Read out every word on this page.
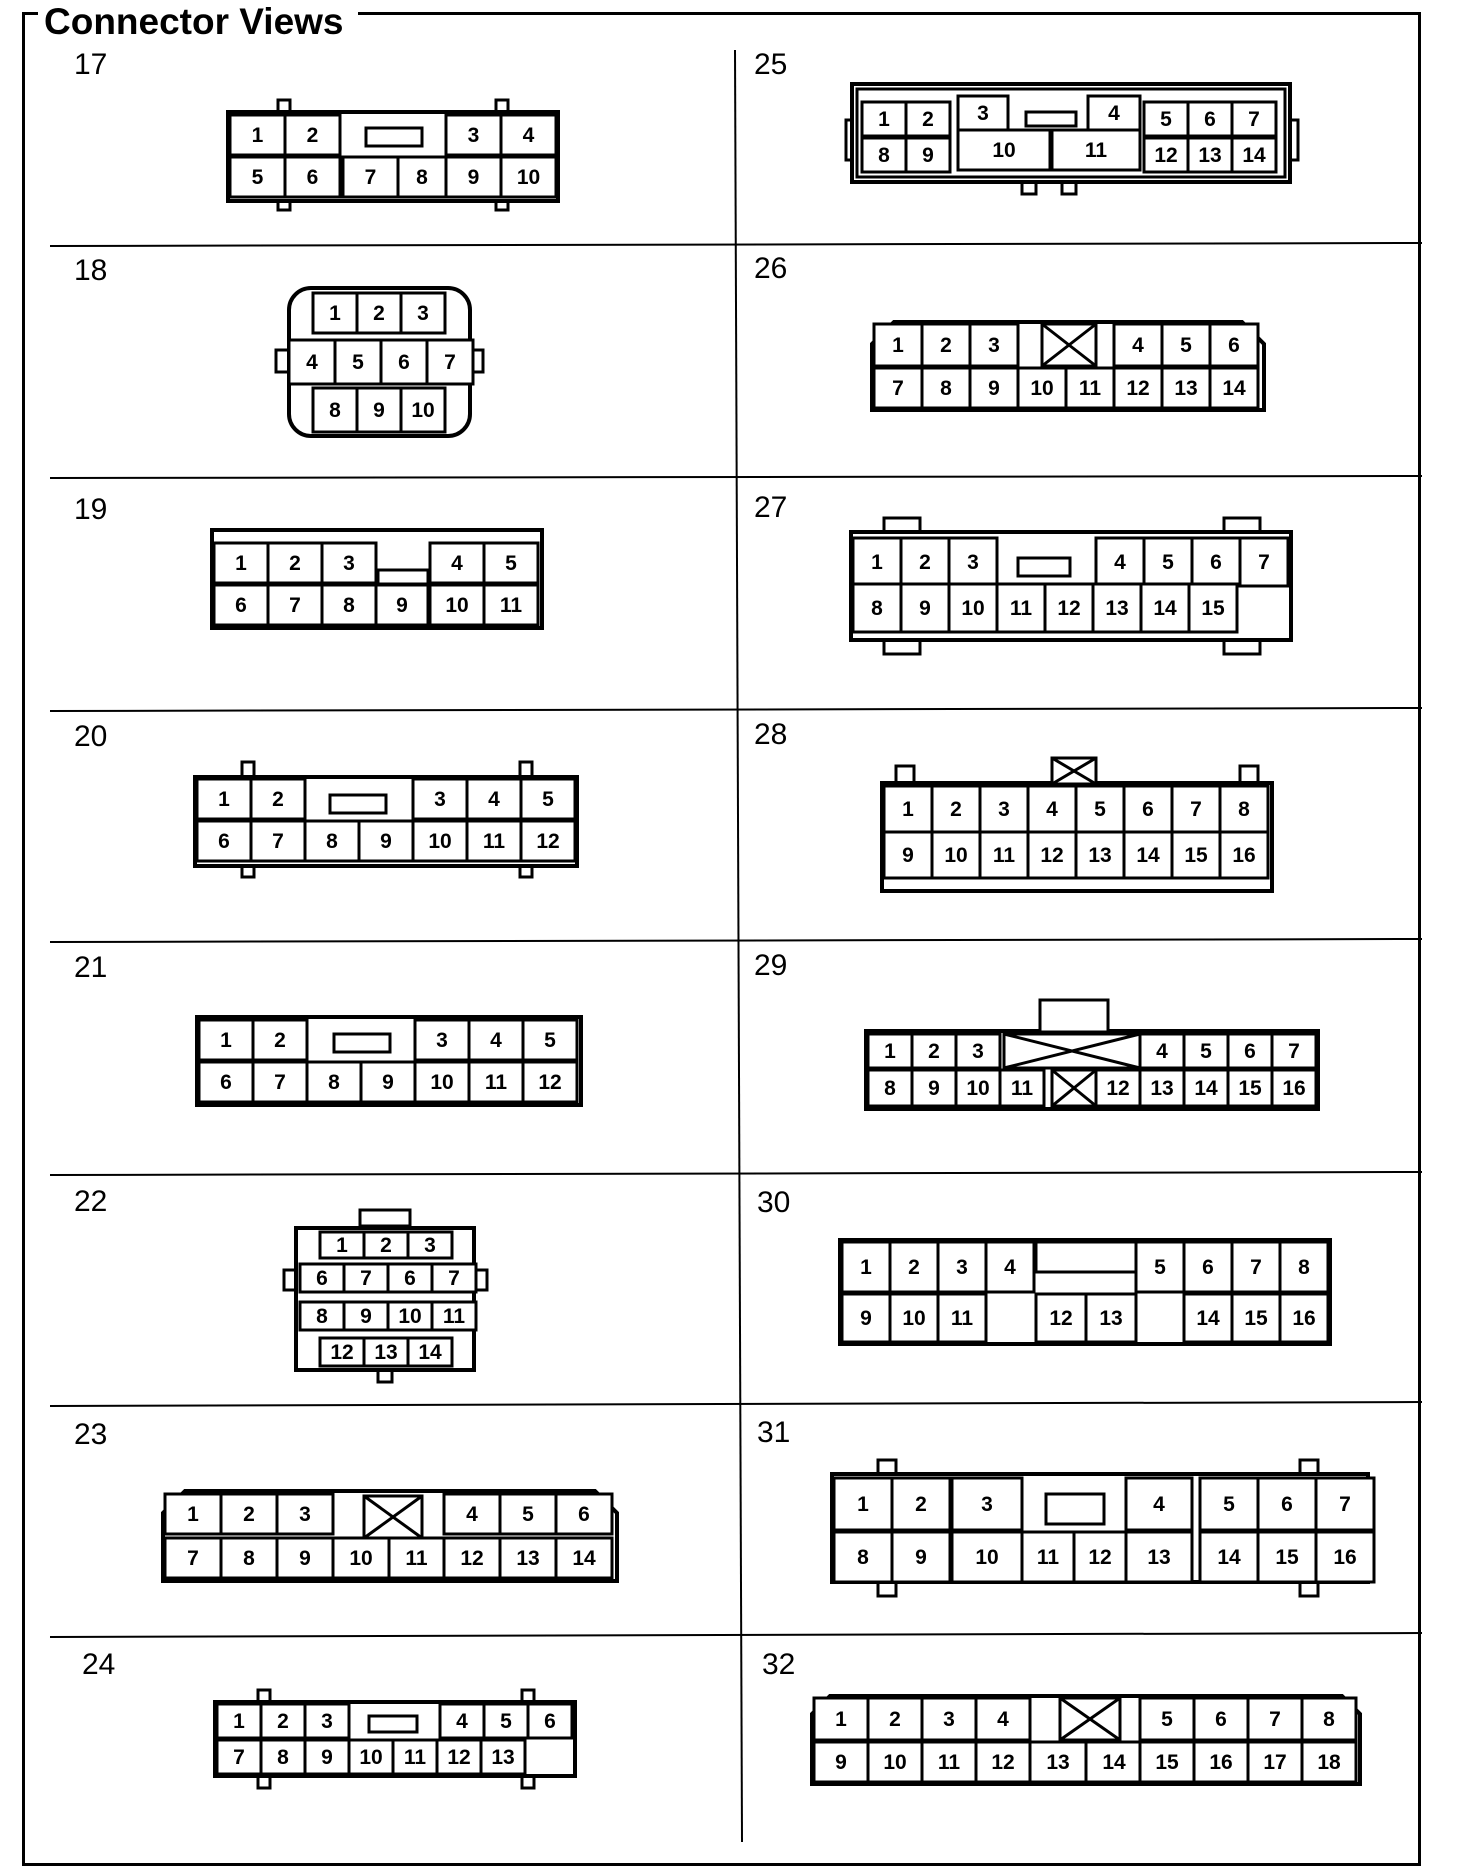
Connector Views
17
18
19
20
21
22
23
24
25
26
27
28
29
30
31
32
1 2	3 4
5 6 7 8 9 10
1 2 3
4 5 6 7
8 9 10
1 2 3	4 5
6 7 8 9 10 11
1 2	3 4 5
6 7 8 9 10 11 12
1 2	3 4 5
6 7 8 9 10 11 12
1 2 3
6 7 6 7
8 9 10 11
12 13 14
1 2 3	4 5 6
7 8 9 10 11 12 13 14
1 2 3	4 5 6
7 8 9 10 11 12 13
1 2 3	4 5 6 7
8 9	10	11 12 13 14
1 2 3	4 5 6
7 8 9 10 11 12 13 14
1 2 3	4 5 6 7
8 9 10 11 12 13 14 15
1 2 3 4 5 6 7 8
9 10 11 12 13 14 15 16
1 2 3	4 5 6 7
8 9 10 11	12 13 14 15 16
1 2 3 4	5 6 7 8
9 10 11	12 13	14 15 16
1 2	3	4	5 6 7
8 9 10 11 12 13 14 15 16
1 2 3 4	5 6 7 8
9 10 11 12 13 14 15 16 17 18
